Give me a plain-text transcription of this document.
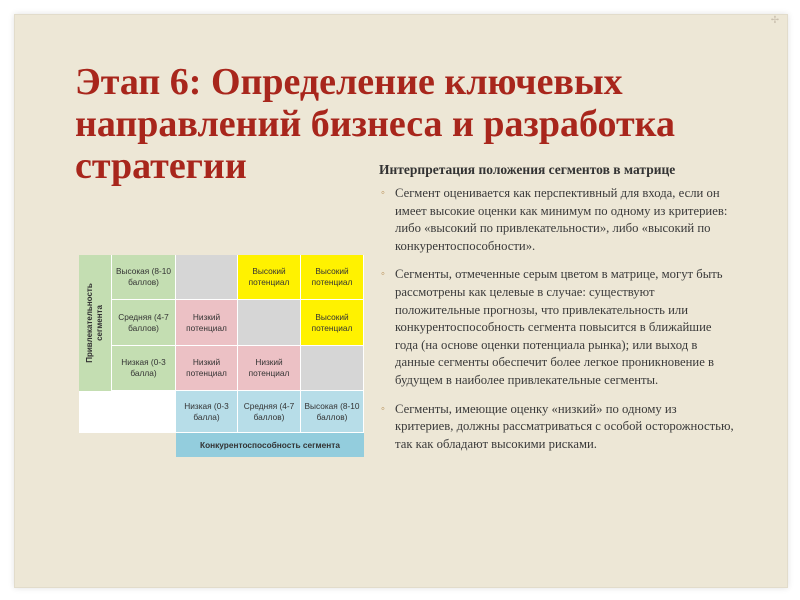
Этап 6: Определение ключевых
направлений бизнеса и разработка
стратегии	Интерпретация положения сегментов в матрице
◦ Сегмент оценивается как перспективный для входа, если он имеет высокие оценки как минимум по одному из критериев: либо «высокий по привлекательности», либо «высокий по конкурентоспособности».
◦ Сегменты, отмеченные серым цветом в матрице, могут быть рассмотрены как целевые в случае: существуют положительные прогнозы, что привлекательность или конкурентоспособность сегмента повысится в ближайшие года (на основе оценки потенциала рынка); или выход в данные сегменты обеспечит более легкое проникновение в будущем в наиболее привлекательные сегменты.
◦ Сегменты, имеющие оценку «низкий» по одному из критериев, должны рассматриваться с особой осторожностью, так как обладают высокими рисками.
Привлекательность сегмента
Высокая (8-10 баллов)
Средняя (4-7 баллов)
Низкая (0-3 балла)
Высокий потенциал
Высокий потенциал
Низкий потенциал
Высокий потенциал
Низкий потенциал
Низкий потенциал
Низкая (0-3 балла)
Средняя (4-7 баллов)
Высокая (8-10 баллов)
Конкурентоспособность сегмента
✢
